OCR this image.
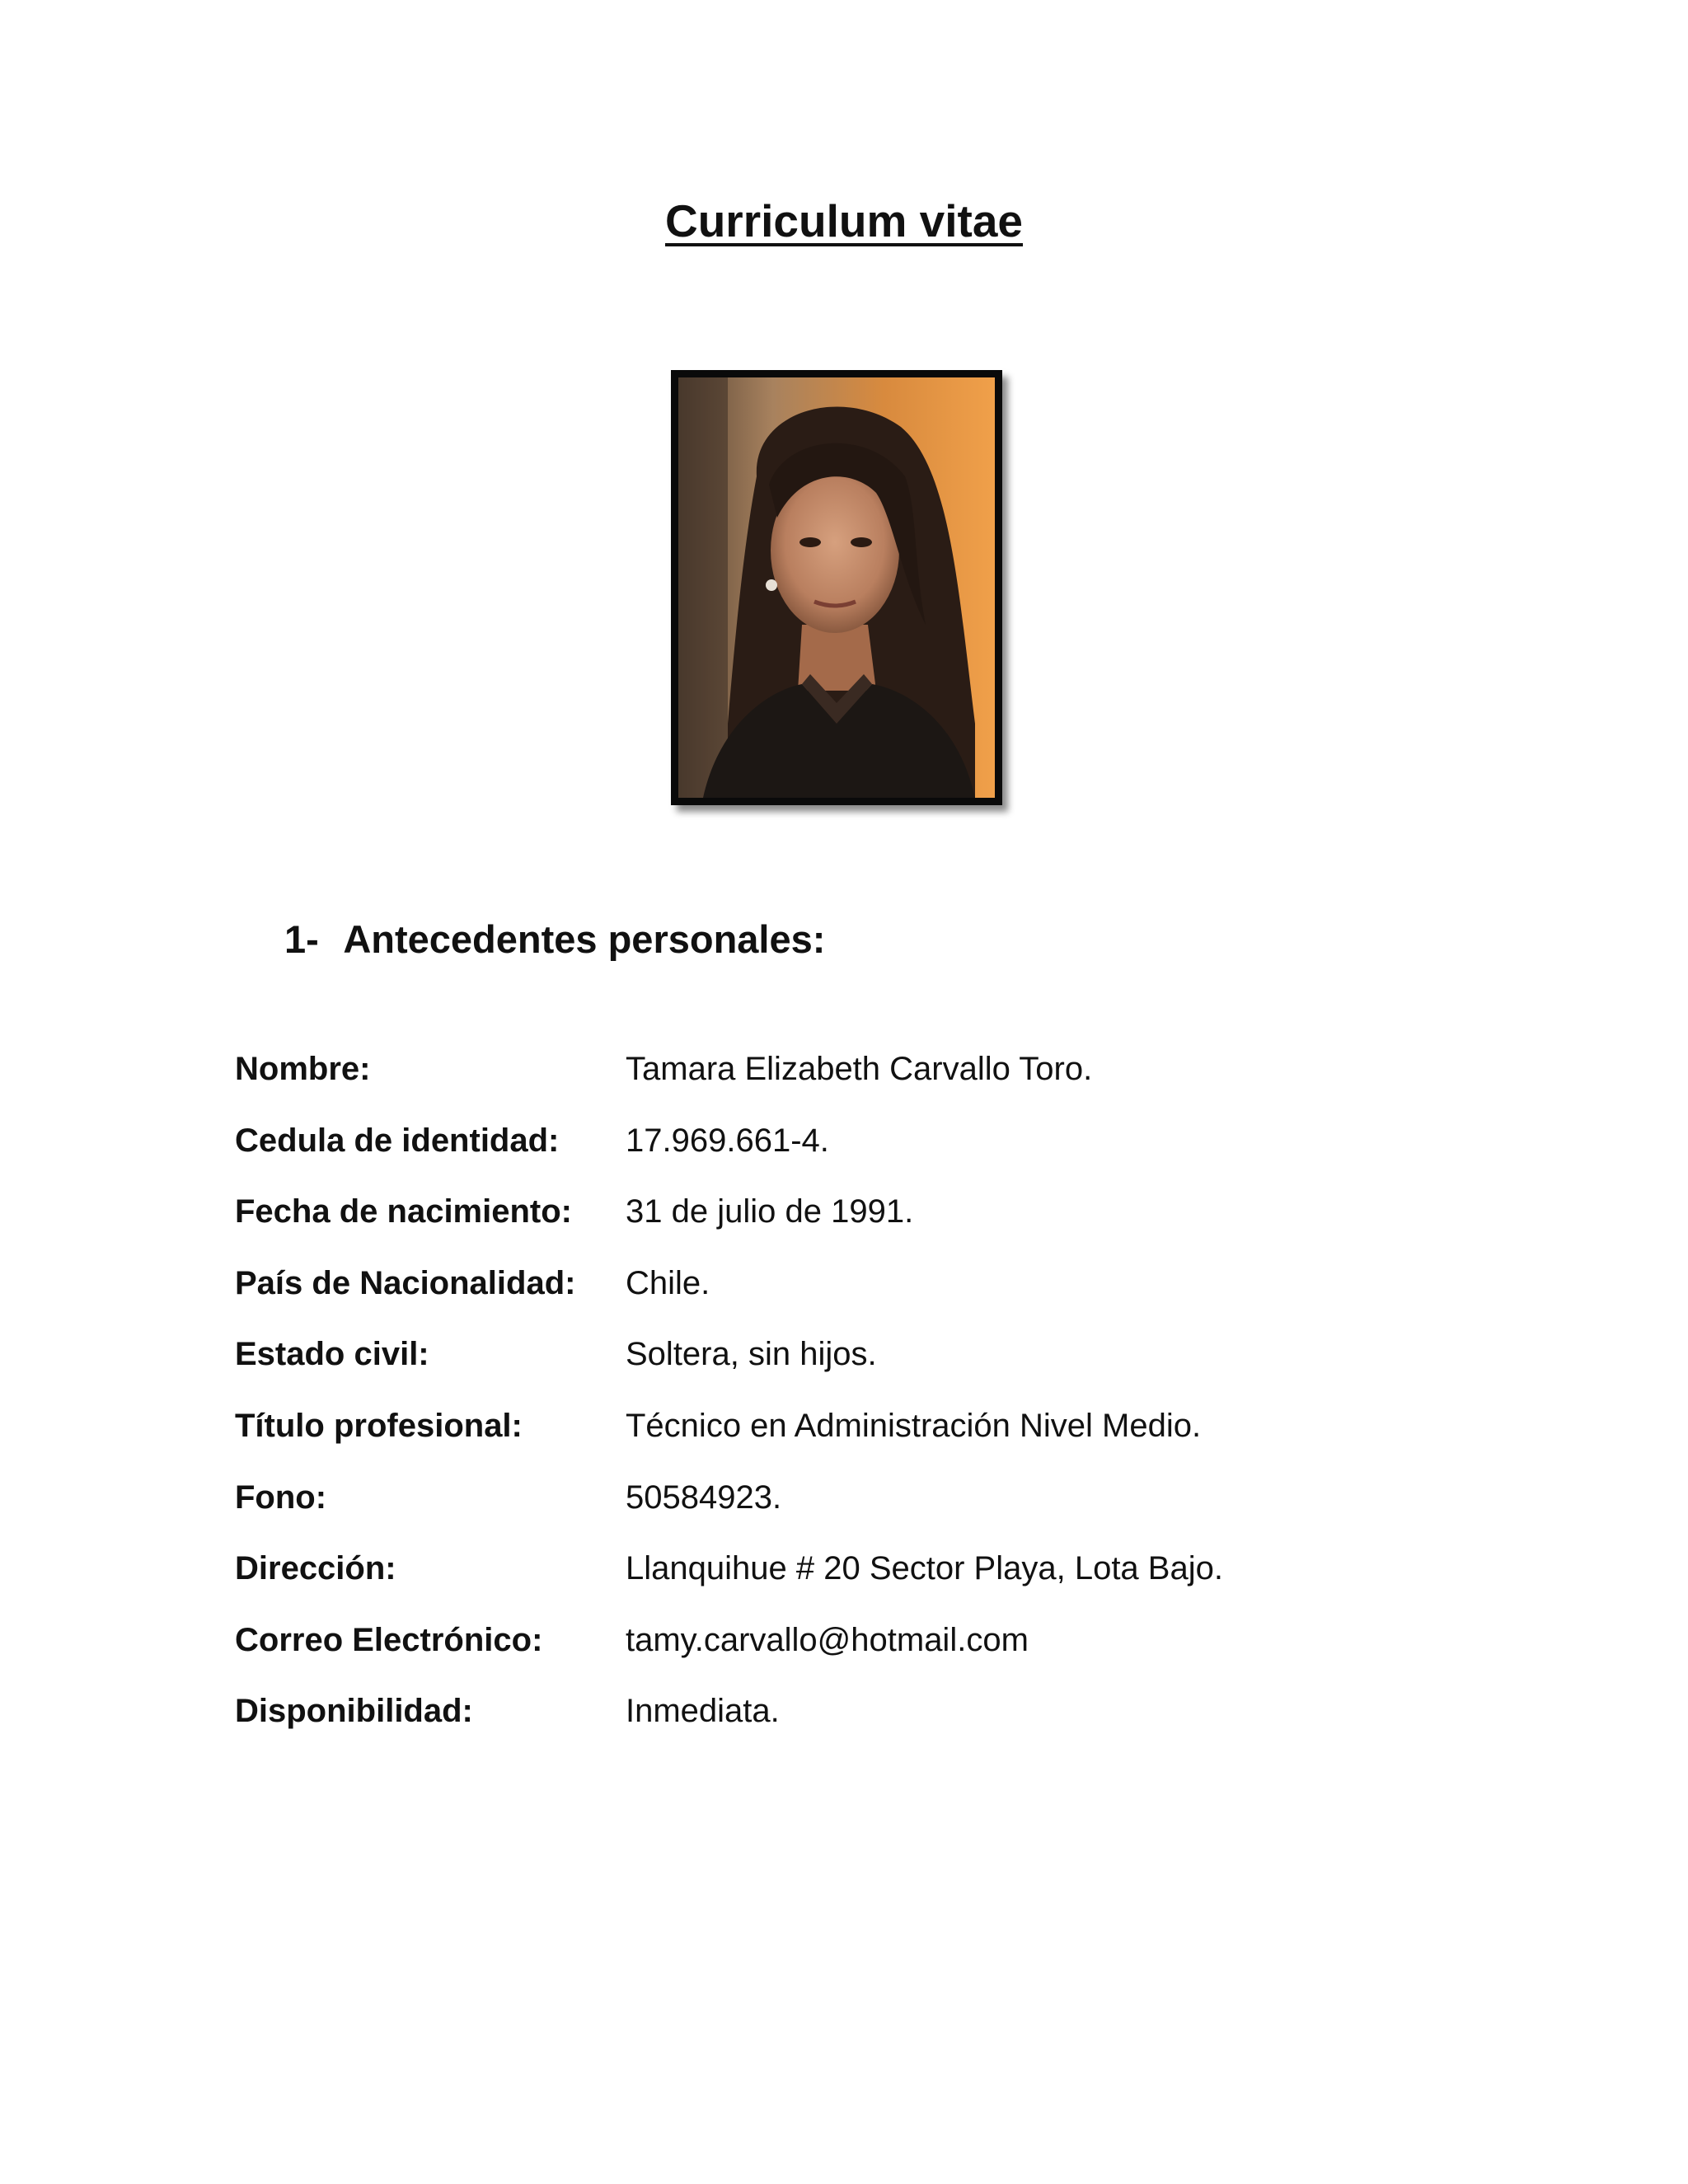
Curriculum vitae
1- Antecedentes personales:
Nombre:	Tamara Elizabeth Carvallo Toro.
Cedula de identidad: 17.969.661-4.
Fecha de nacimiento: 31 de julio de 1991.
País de Nacionalidad: Chile.
Estado civil:	Soltera, sin hijos.
Título profesional:	Técnico en Administración Nivel Medio.
Fono:	50584923.
Dirección:	Llanquihue # 20 Sector Playa, Lota Bajo.
Correo Electrónico:	tamy.carvallo@hotmail.com
Disponibilidad:	Inmediata.
